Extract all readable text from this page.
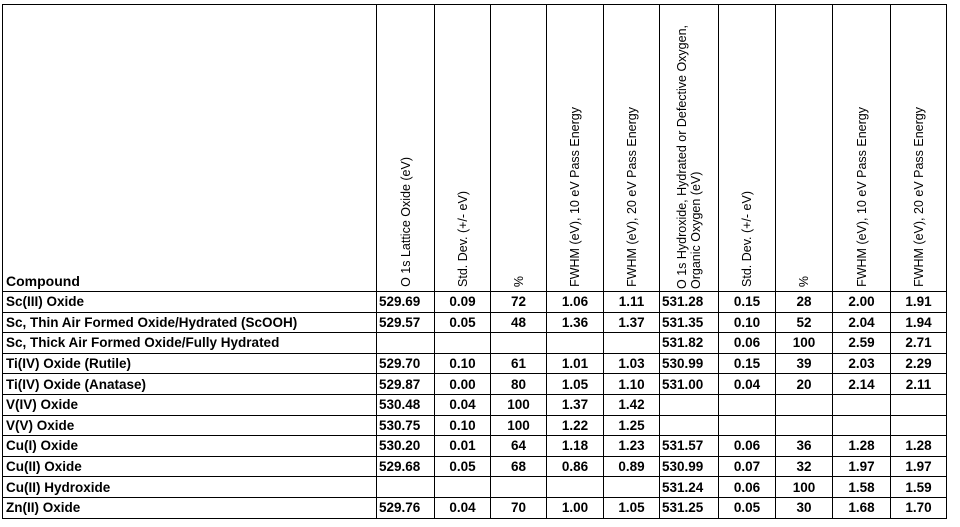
Compound	O 1s Lattice Oxide (eV)	Std. Dev. (+/- eV)	%	FWHM (eV), 10 eV Pass Energy	FWHM (eV), 20 eV Pass Energy	O 1s Hydroxide, Hydrated or Defective Oxygen, Organic Oxygen (eV)	Std. Dev. (+/- eV)	%	FWHM (eV), 10 eV Pass Energy	FWHM (eV), 20 eV Pass Energy

Sc(III) Oxide	529.69	0.09	72	1.06	1.11	531.28	0.15	28	2.00	1.91
Sc, Thin Air Formed Oxide/Hydrated (ScOOH)	529.57	0.05	48	1.36	1.37	531.35	0.10	52	2.04	1.94
Sc, Thick Air Formed Oxide/Fully Hydrated						531.82	0.06	100	2.59	2.71
Ti(IV) Oxide (Rutile)	529.70	0.10	61	1.01	1.03	530.99	0.15	39	2.03	2.29
Ti(IV) Oxide (Anatase)	529.87	0.00	80	1.05	1.10	531.00	0.04	20	2.14	2.11
V(IV) Oxide	530.48	0.04	100	1.37	1.42					
V(V) Oxide	530.75	0.10	100	1.22	1.25					
Cu(I) Oxide	530.20	0.01	64	1.18	1.23	531.57	0.06	36	1.28	1.28
Cu(II) Oxide	529.68	0.05	68	0.86	0.89	530.99	0.07	32	1.97	1.97
Cu(II) Hydroxide						531.24	0.06	100	1.58	1.59
Zn(II) Oxide	529.76	0.04	70	1.00	1.05	531.25	0.05	30	1.68	1.70
